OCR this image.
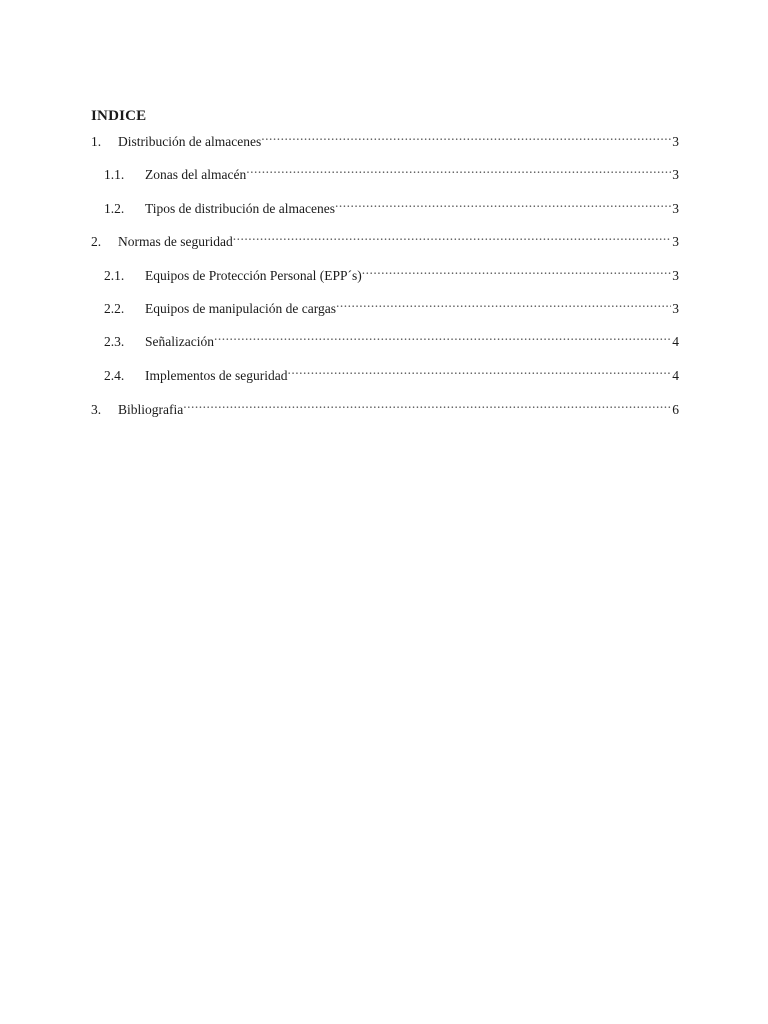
INDICE
1.	Distribución de almacenes .....	3
1.1.	Zonas del almacén .....	3
1.2.	Tipos de distribución de almacenes .....	3
2.	Normas de seguridad .....	3
2.1.	Equipos de Protección Personal (EPP´s) .....	3
2.2.	Equipos de manipulación de cargas .....	3
2.3.	Señalización .....	4
2.4.	Implementos de seguridad .....	4
3.	Bibliografia .....	6
